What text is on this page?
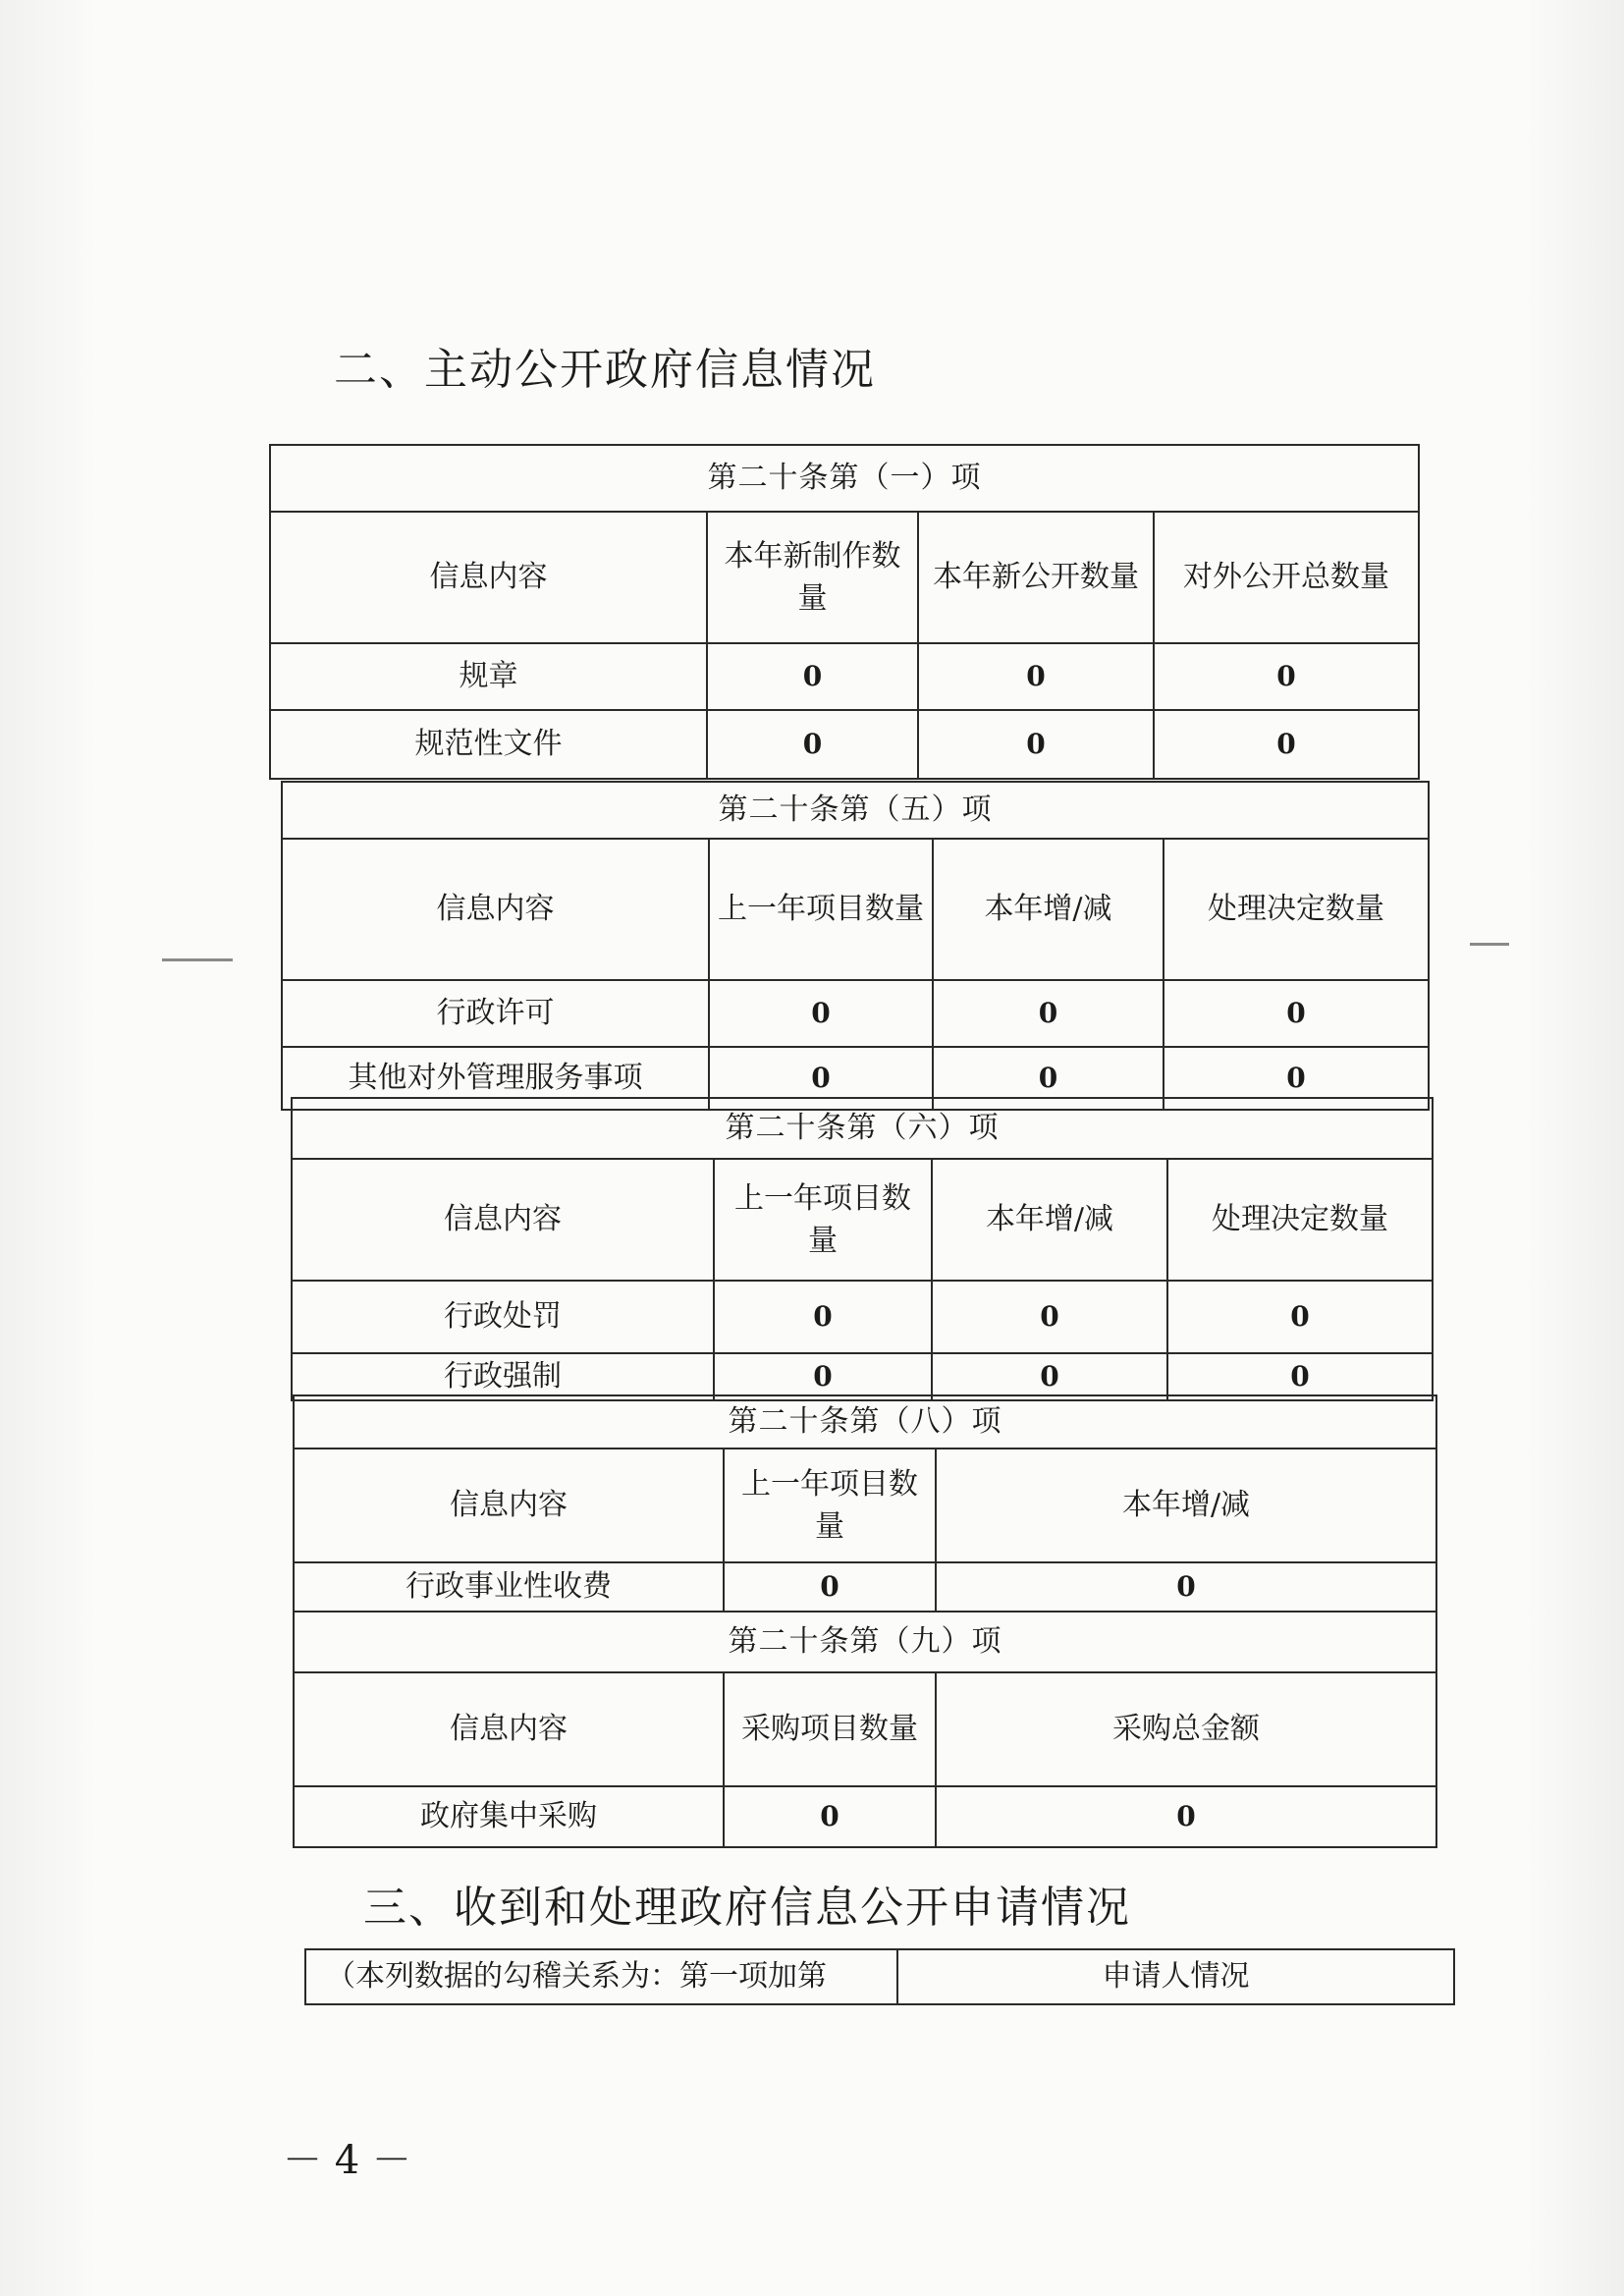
二、主动公开政府信息情况
第二十条第（一）项			
信息内容	本年新制作数量	本年新公开数量	对外公开总数量
规章	0	0	0
规范性文件	0	0	0
第二十条第（五）项			
信息内容	上一年项目数量	本年增/减	处理决定数量
行政许可	0	0	0
其他对外管理服务事项	0	0	0
第二十条第（六）项			
信息内容	上一年项目数量	本年增/减	处理决定数量
行政处罚	0	0	0
行政强制	0	0	0
第二十条第（八）项		
信息内容	上一年项目数量	本年增/减
行政事业性收费	0	0
第二十条第（九）项		
信息内容	采购项目数量	采购总金额
政府集中采购	0	0
三、收到和处理政府信息公开申请情况
（本列数据的勾稽关系为：第一项加第	申请人情况
－ 4 －
